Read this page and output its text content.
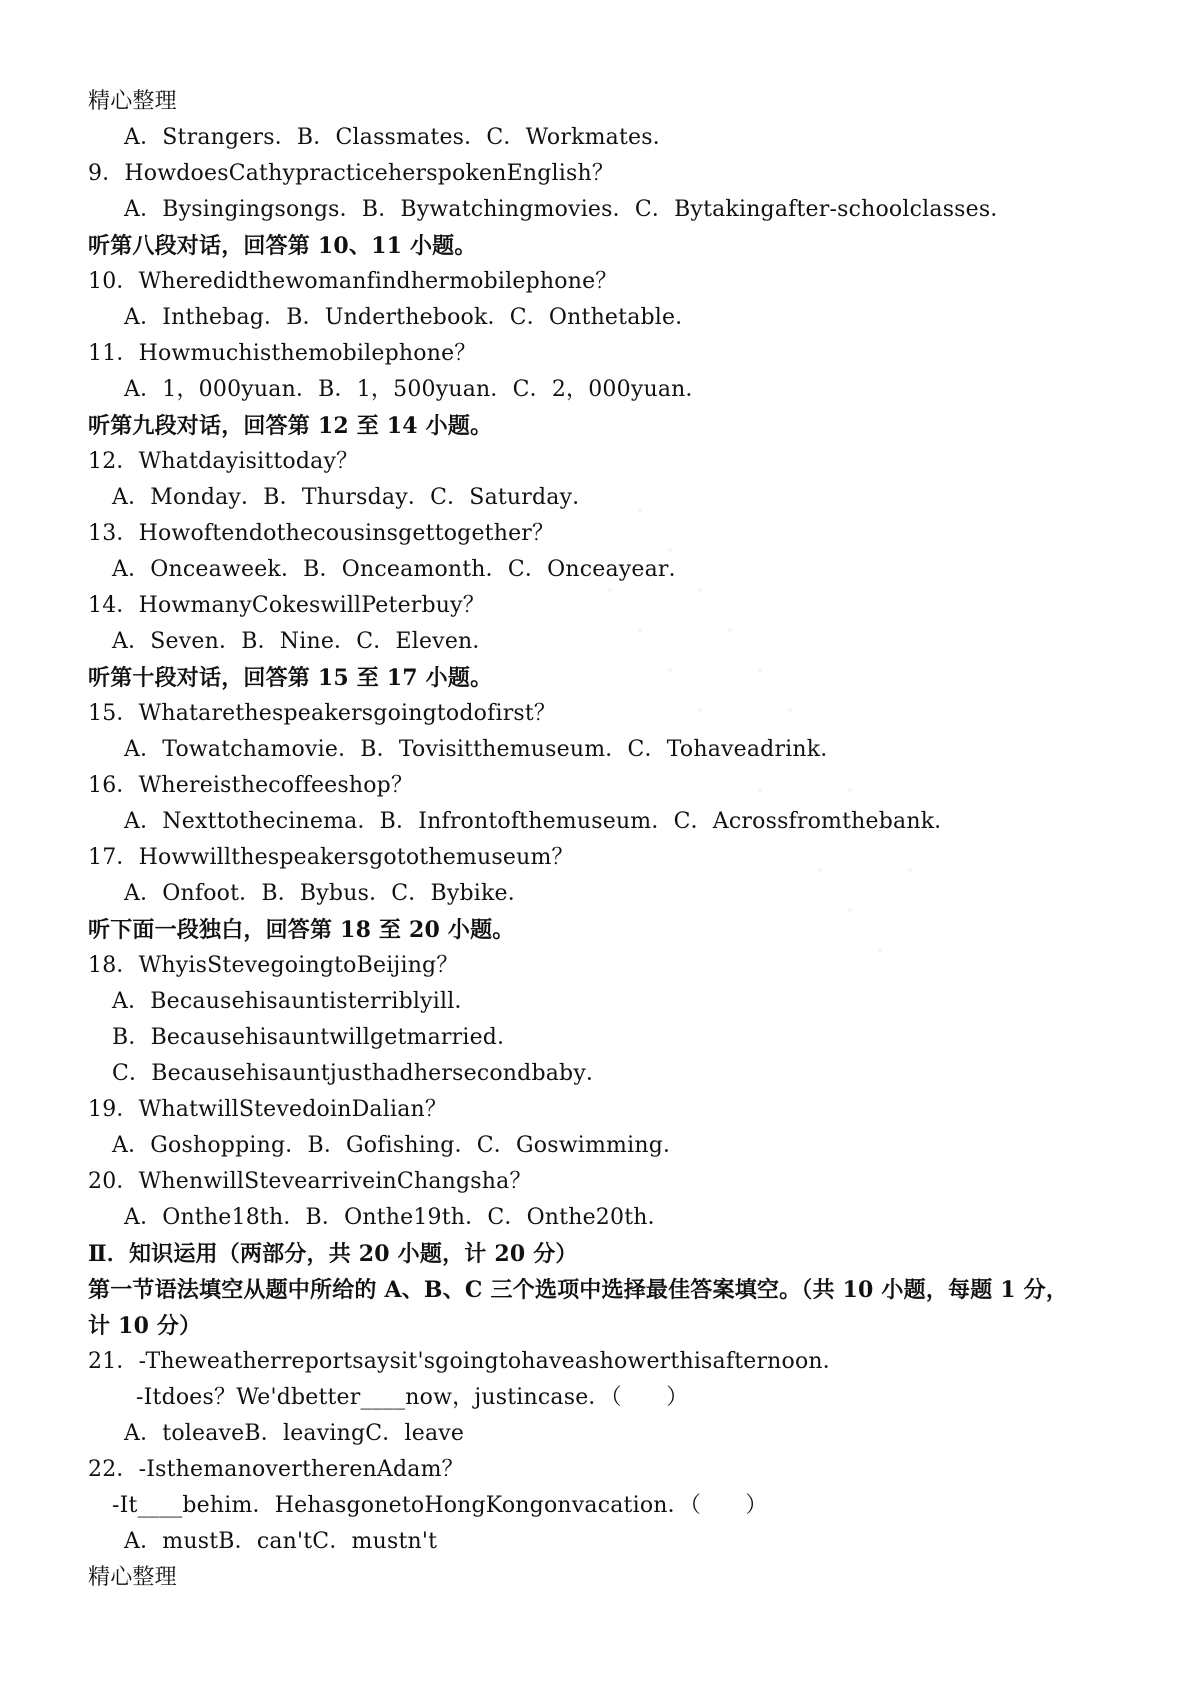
精心整理
A．Strangers．B．Classmates．C．Workmates．
9．HowdoesCathypracticeherspokenEnglish？
A．Bysingingsongs．B．Bywatchingmovies．C．Bytakingafter-schoolclasses．
听第八段对话，回答第 10、11 小题。
10．Wheredidthewomanfindhermobilephone？
A．Inthebag．B．Underthebook．C．Onthetable．
11．Howmuchisthemobilephone？
A．1，000yuan．B．1，500yuan．C．2，000yuan．
听第九段对话，回答第 12 至 14 小题。
12．Whatdayisittoday？
A．Monday．B．Thursday．C．Saturday．
13．Howoftendothecousinsgettogether？
A．Onceaweek．B．Onceamonth．C．Onceayear．
14．HowmanyCokeswillPeterbuy？
A．Seven．B．Nine．C．Eleven．
听第十段对话，回答第 15 至 17 小题。
15．Whatarethespeakersgoingtodofirst？
A．Towatchamovie．B．Tovisitthemuseum．C．Tohaveadrink．
16．Whereisthecoffeeshop？
A．Nexttothecinema．B．Infrontofthemuseum．C．Acrossfromthebank．
17．Howwillthespeakersgotothemuseum？
A．Onfoot．B．Bybus．C．Bybike．
听下面一段独白，回答第 18 至 20 小题。
18．WhyisStevegoingtoBeijing？
A．Becausehisauntisterriblyill．
B．Becausehisauntwillgetmarried．
C．Becausehisauntjusthadhersecondbaby．
19．WhatwillStevedoinDalian？
A．Goshopping．B．Gofishing．C．Goswimming．
20．WhenwillStevearriveinChangsha？
A．Onthe18th．B．Onthe19th．C．Onthe20th．
Ⅱ．知识运用（两部分，共 20 小题，计 20 分）
第一节语法填空从题中所给的 A、B、C 三个选项中选择最佳答案填空。（共 10 小题，每题 1 分，
计 10 分）
21．-Theweatherreportsaysit'sgoingtohaveashowerthisafternoon．
-Itdoes？We'dbetter____now，justincase．（　　）
A．toleaveB．leavingC．leave
22．-IsthemanovertherenAdam？
-It____behim．HehasgonetoHongKongonvacation．（　　）
A．mustB．can'tC．mustn't
精心整理
